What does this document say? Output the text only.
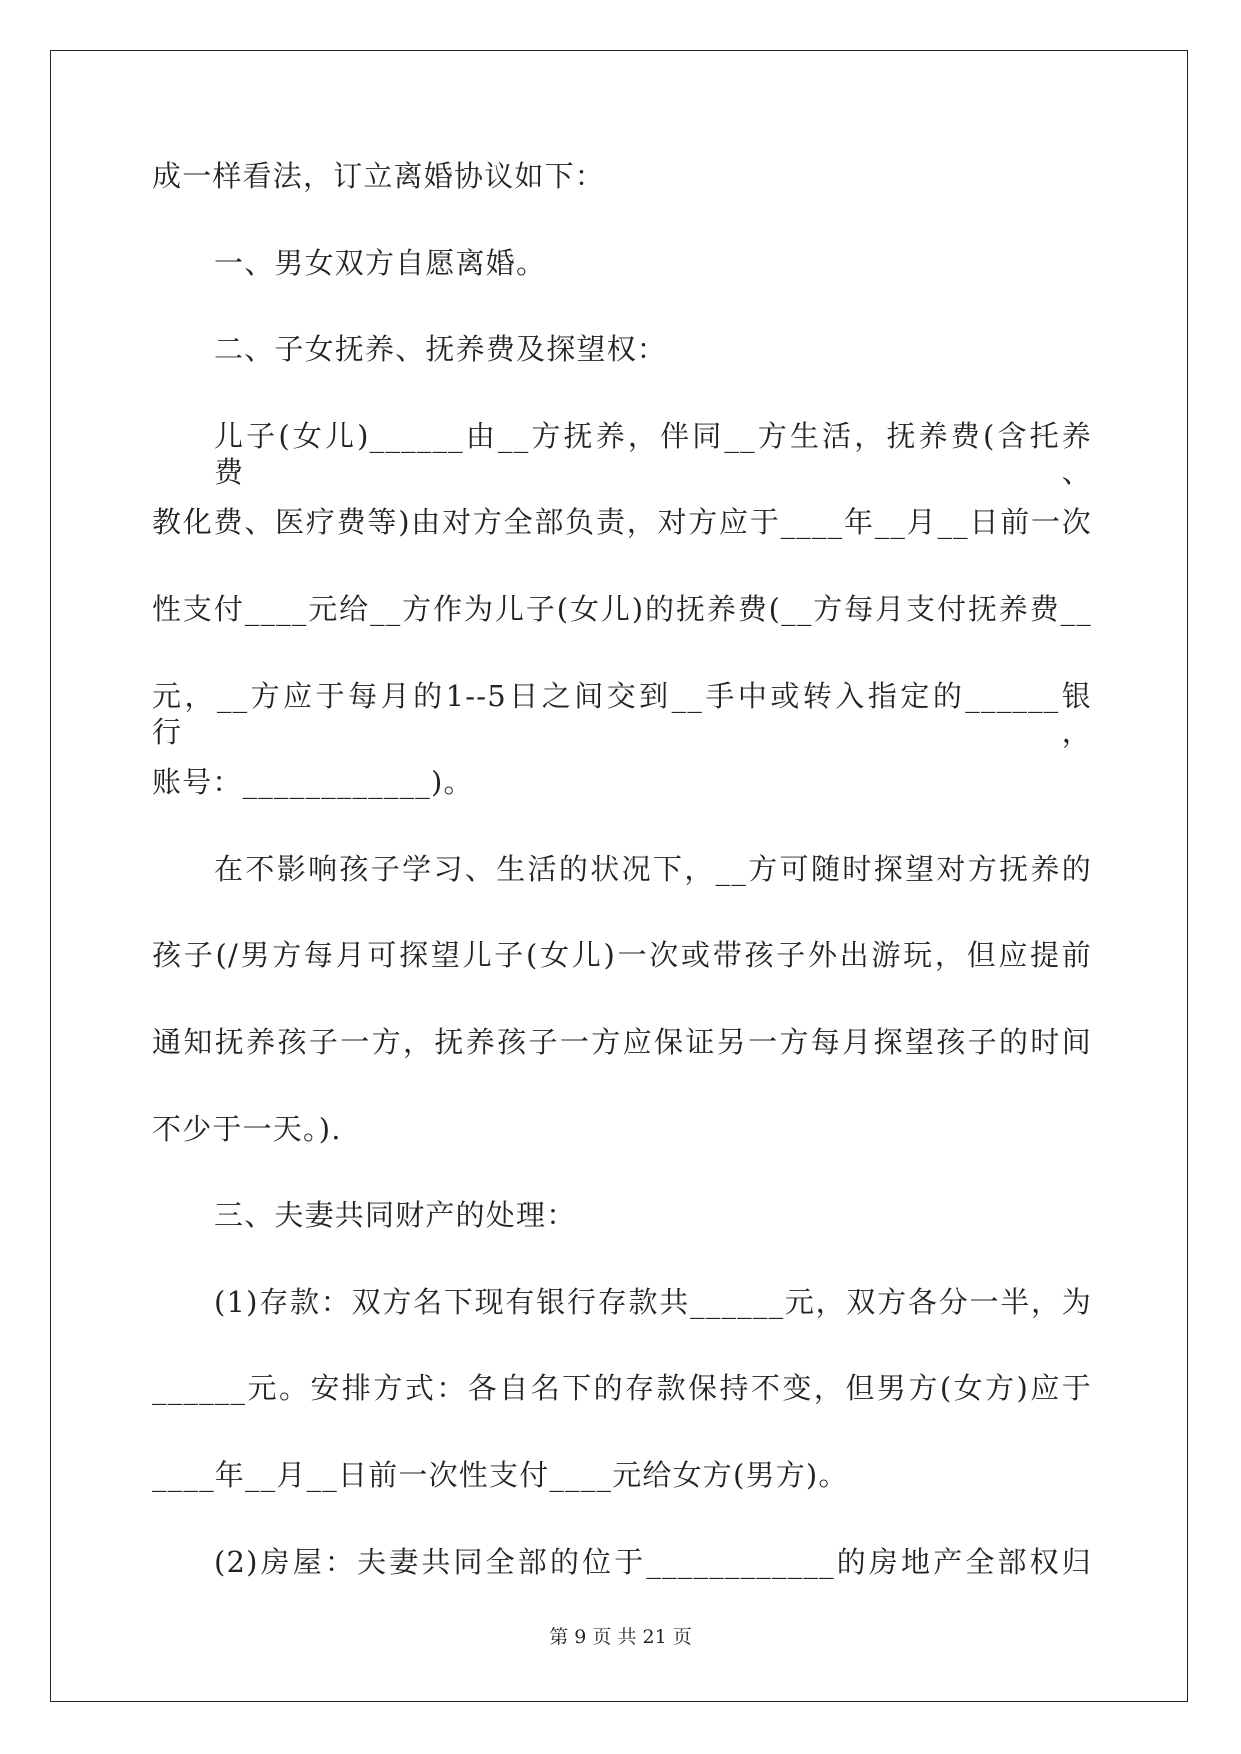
成一样看法，订立离婚协议如下：

一、男女双方自愿离婚。

二、子女抚养、抚养费及探望权：

儿子(女儿)______由__方抚养，伴同__方生活，抚养费(含托养费、

教化费、医疗费等)由对方全部负责，对方应于____年__月__日前一次

性支付____元给__方作为儿子(女儿)的抚养费(__方每月支付抚养费__

元，__方应于每月的1--5日之间交到__手中或转入指定的______银行，

账号：____________)。

在不影响孩子学习、生活的状况下，__方可随时探望对方抚养的

孩子(/男方每月可探望儿子(女儿)一次或带孩子外出游玩，但应提前

通知抚养孩子一方，抚养孩子一方应保证另一方每月探望孩子的时间

不少于一天。).

三、夫妻共同财产的处理：

(1)存款：双方名下现有银行存款共______元，双方各分一半，为

______元。安排方式：各自名下的存款保持不变，但男方(女方)应于

____年__月__日前一次性支付____元给女方(男方)。

(2)房屋：夫妻共同全部的位于____________的房地产全部权归

第 9 页 共 21 页
